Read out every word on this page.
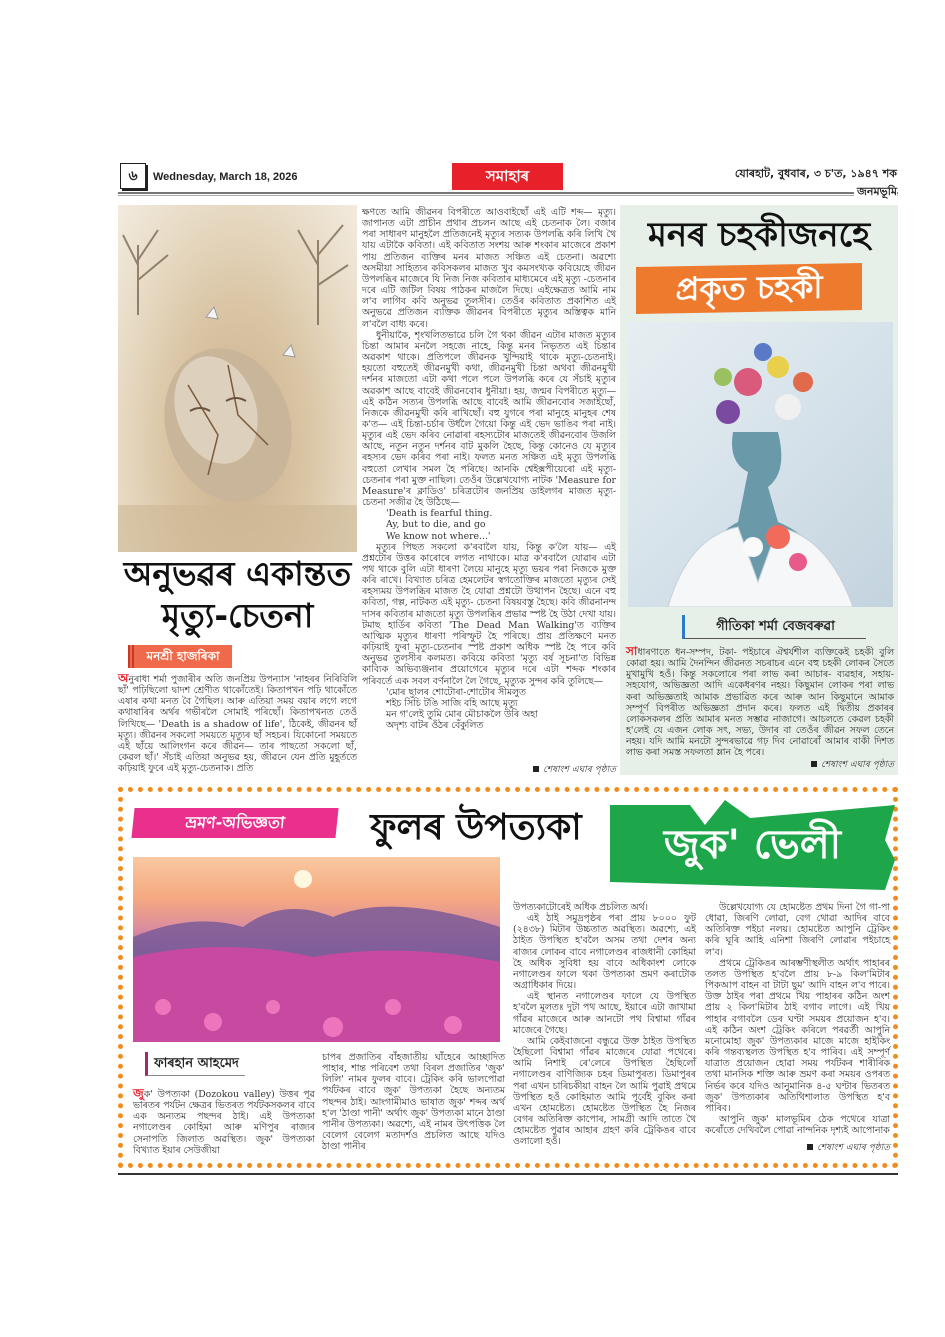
৬	Wednesday, March 18, 2026	সমাহাৰ	যোৰহাট, বুধবাৰ, ৩ চ'ত, ১৯৪৭ শক
জনমভূমি
অনুভৱৰ একান্তত
মৃত্যু-চেতনা
মনশ্ৰী হাজৰিকা

অনুৰাধা শৰ্মা পুজাৰীৰ অতি জনপ্ৰিয় উপন্যাস 'নাহৰৰ নিৰিবিলি ছাঁ' পঢ়িছিলো দ্বাদশ শ্ৰেণীত থাকোঁতেই। কিতাপখন পঢ়ি থাকোঁতে এষাৰ কথা মনত বৈ গৈছিল। আৰু এতিয়া সময় বয়াৰ লগে লগে কথাষাৰিৰ অৰ্থৰ গভীৰলৈ সোমাই পৰিছোঁ। কিতাপখনত তেওঁ লিখিছে— 'Death is a shadow of life', ঠিকেই, জীৱনৰ ছাঁ মৃত্যু। জীৱনৰ সকলো সময়তে মৃত্যুৰ ছাঁ সহচৰ। যিকোনো সময়তে এই ছাঁয়ে আলিংগন কৰে জীৱন— তাৰ পাছতো সকলো ছাঁ, কেৱল ছাঁ।' সঁচাই এতিয়া অনুভৱ হয়, জীৱনে যেন প্ৰতি মুহূৰ্ততে কঢ়িয়াই ফুৰে এই মৃত্যু-চেতনাক। প্ৰতি

ক্ষণতে আমি জীৱনৰ বিপৰীতে আওবাইছোঁ এই এটি শব্দ— মৃত্যু। জাপানত এটা প্ৰাচীন প্ৰথাৰ প্ৰচলন আছে এই চেতনাক লৈ। বজাৰ পৰা সাধাৰণ মানুহলৈ প্ৰতিজনেই মৃত্যুৰ সত্যক উপলব্ধি কৰি লিখি থৈ যায় এটাকৈ কবিতা। এই কবিতাত সংশয় আৰু শংকাৰ মাজেৰে প্ৰকাশ পায় প্ৰতিজন ব্যক্তিৰ মনৰ মাজত সঞ্চিত এই চেতনা। অৱশ্যে অসমীয়া সাহিত্যৰ কবিসকলৰ মাজত খুব কমসংখ্যক কবিয়েহে জীৱন উপলব্ধিৰ মাজেৰে যি নিজ নিজ কবিতাৰ মাধ্যমেৰে এই মৃত্যু -চেতনাৰ দৰে এটি জটিল বিষয় পাঠকৰ মাজলৈ দিছে। এইক্ষেত্ৰত আমি নাম ল'ব লাগিব কবি অনুভৱ তুলসীৰ। তেওঁৰ কবিতাত প্ৰকাশিত এই অনুভৱে প্ৰতিজন ব্যক্তিক জীৱনৰ বিপৰীতে মৃত্যুৰ অস্তিত্বক মানি ল'বলৈ বাধ্য কৰে।

ধুনীয়াকৈ, শৃংখলিতভাৱে চলি গৈ থকা জীৱন এটাৰ মাজত মৃত্যুৰ চিন্তা আমাৰ মনলৈ সহজে নাহে, কিন্তু মনৰ নিভৃতত এই চিন্তাৰ অৱকাশ থাকে। প্ৰতিপলে জীৱনক খুন্দিয়াই থাকে মৃত্যু-চেতনাই। হয়তো বহুতেই জীৱনমুখী কথা, জীৱনমুখী চিন্তা অথবা জীৱনমুখী দৰ্শনৰ মাজতো এটা কথা পলে পলে উপলব্ধি কৰে যে সঁচাই মৃত্যুৰ অৱকাশ আছে বাবেই জীৱনবোৰ ধুনীয়া। হয়, জন্মৰ বিপৰীতে মৃত্যু— এই কঠিন সত্যৰ উপলব্ধি আছে বাবেই আমি জীৱনবোৰ সজাইছোঁ, নিজকে জীৱনমুখী কৰি ৰাখিছোঁ। বহু যুগৰে পৰা মানুহে মানুহৰ শেষ ক'ত— এই চিন্তা-চৰ্চাৰ উৰ্ধলৈ গৈয়ো কিন্তু এই ভেদ ভাঙিব পৰা নাই। মৃত্যুৰ এই ভেদ কৰিব নোৱাৰা ৰহস্যটোৰ মাজতেই জীৱনবোৰ উজলি আছে, নতুন নতুন দৰ্শনৰ বাট মুকলি হৈছে, কিন্তু কোনেও যে মৃত্যুৰ ৰহস্যৰ ভেদ কৰিব পৰা নাই। ফলত মনত সঞ্চিত এই মৃত্যু উপলব্ধি বহুতো লেখাৰ সমল হৈ পৰিছে। আনকি শ্বেইক্সপীয়েৰো এই মৃত্যু-চেতনাৰ পৰা মুক্ত নাছিল। তেওঁৰ উল্লেখযোগ্য নাটক 'Measure for Measure'ৰ ক্লাডিও' চৰিত্ৰটোৰ জনপ্ৰিয় ডাইলগৰ মাজত মৃত্যু-চেতনা সজীৱ হৈ উঠিছে—

'Death is fearful thing.

Ay, but to die, and go

We know not where...'

মৃত্যুৰ পিছত সকলো ক'ৰবালৈ যায়, কিন্তু ক'লৈ যায়— এই প্ৰশ্নটোৰ উত্তৰ কাৰোৰে লগত নাথাকে। মাত্ৰ ক'ৰবালৈ যোৱাৰ এটা পথ থাকে বুলি এটা ধাৰণা লৈয়ে মানুহে মৃত্যু ভয়ৰ পৰা নিজকে মুক্ত কৰি ৰাখে। বিখ্যাত চৰিত্ৰ হেমলেটৰ স্বগতোক্তিৰ মাজতো মৃত্যুৰ সেই ৰহস্যময় উপলব্ধিৰ মাজত হৈ যোৱা প্ৰশ্নটো উত্থাপন হৈছে। এনে বহু কবিতা, গল্প, নাটকত এই মৃত্যু- চেতনা বিষয়বস্তু হৈছে। কবি জীৱনানন্দ দাসৰ কবিতাৰ মাজতো মৃত্যু উপলব্ধিৰ প্ৰভাৱ স্পষ্ট হৈ উঠা দেখা যায়। টমাছ হাৰ্ডিৰ কবিতা 'The Dead Man Walking'ত ব্যক্তিৰ আত্মিক মৃত্যুৰ ধাৰণা পৰিস্ফুট হৈ পৰিছে। প্ৰায় প্ৰতিক্ষণে মনত কঢ়িয়াই ফুৰা মৃত্যু-চেতনাৰ স্পষ্ট প্ৰকাশ অধিক স্পষ্ট হৈ পৰে কবি অনুভৱ তুলসীৰ কলমত। কবিয়ে কবিতা 'মৃত্যু বৰ্ষ সূচনা'ত বিভিন্ন কাব্যিক অভিব্যঞ্জনাৰ প্ৰয়োগেৰে মৃত্যুৰ দৰে এটা শব্দক শংকাৰ পৰিবৰ্তে এক সবল বৰ্ণনালৈ লৈ গৈছে, মৃত্যুক সুন্দৰ কৰি তুলিছে—

'মোৰ ছালৰ শোটোৰা-শোটোৰ সীমলুত

শইচ সিঁচি টঙি সাজি বহি আছে মৃত্যু

মন গ'লেই তুমি মোৰ মৌচাকলৈ উৰি অহা

অদৃশ্য বাটৰ ওঁঠৰ বেঁকুলিত

শেষাংশ এঘাৰ পৃষ্ঠাত
মনৰ চহকীজনহে
প্ৰকৃত চহকী
গীতিকা শৰ্মা বেজবৰুৱা

সাধাৰণাতে ধন-সম্পদ, টকা- পইচাৰে ঐশ্বৰ্যশীল ব্যক্তিকেই চহকী বুলি কোৱা হয়। আমি দৈনন্দিন জীৱনত সচৰাচৰ এনে বহু চহকী লোকৰ সৈতে মুখামুখি হওঁ। কিন্তু সকলোৰে পৰা লাভ কৰা আচাৰ- ব্যৱহাৰ, সহায়-সহযোগ, অভিজ্ঞতা আদি একেধৰণৰ নহয়। কিছুমান লোকৰ পৰা লাভ কৰা অভিজ্ঞতাই আমাক প্ৰভাৱিত কৰে আৰু আন কিছুমানে আমাক সম্পূৰ্ণ বিপৰীত অভিজ্ঞতা প্ৰদান কৰে। ফলত এই দ্বিতীয় প্ৰকাৰৰ লোকসকলৰ প্ৰতি আমাৰ মনত সম্ভাৱ নাজাগে। আচলতে কেৱল চহকী হ'লেই যে এজন লোক সৎ, সভ্য, উদাৰ বা তেওঁৰ জীৱন সফল তেনে নহয়। যদি আমি মনটো সুন্দৰভাৱে গঢ় দিব নোৱাৰোঁ আমাৰ বাকী দিশত লাভ কৰা সমস্ত সফলতা ম্লান হৈ পৰে।

শেষাংশ এঘাৰ পৃষ্ঠাত
ভ্ৰমণ-অভিজ্ঞতা	ফুলৰ উপত্যকা	জুক' ভেলী
ফাৰহান আহমেদ

জুক' উপত্যকা (Dozokou valley) উত্তৰ পূৱ ভাৰতৰ পৰ্যটন ক্ষেত্ৰৰ ভিতৰত পৰ্যটকসকলৰ বাবে এক অন্যতম পছন্দৰ ঠাই। এই উপত্যকা নগালেণ্ডৰ কোহিমা আৰু মণিপুৰ ৰাজ্যৰ সেনাপতি জিলাত অৱস্থিত। জুক' উপত্যকা বিখ্যাত ইয়াৰ সেউজীয়া

চাপৰ প্ৰজাতিৰ বাঁহজাতীয় ঘাঁহেৰে আচ্ছাদিত পাহাৰ, শান্ত পৰিবেশ তথা বিৰল প্ৰজাতিৰ 'জুক' লিলি' নামৰ ফুলৰ বাবে। ট্ৰেকিং কৰি ভালপোৱা পৰ্যটকৰ বাবে জুক' উপত্যকা হৈছে অন্যতম পছন্দৰ ঠাই। আংগামীমাও ভাষাত জুক' শব্দৰ অৰ্থ হ'ল 'ঠাণ্ডা পানী' অৰ্থাৎ জুক' উপত্যকা মানে ঠাণ্ডা পানীৰ উপত্যকা। অৱশ্যে, এই নামৰ উৎপত্তিক লৈ বেলেগ বেলেগ মতাদৰ্শও প্ৰচলিত আছে যদিও ঠাণ্ডা পানীৰ

উপত্যকাটোৰেই অধিক প্ৰচলিত অৰ্থ।

এই ঠাই সমুদ্ৰপৃষ্ঠৰ পৰা প্ৰায় ৮০০০ ফুট (২৪৩৮) মিটাৰ উচ্চতাত অৱস্থিত। অৱশ্যে, এই ঠাইত উপস্থিত হ'বলৈ অসম তথা দেশৰ অন্য ৰাজ্যৰ লোকৰ বাবে নগালেণ্ডৰ ৰাজধানী কোহিমা হৈ অধিক সুবিধা হয় বাবে অধিকাংশ লোকে নগালেণ্ডৰ ফালে থকা উপত্যকা ভ্ৰমণ কৰাটোক অগ্ৰাধিকাৰ দিয়ে।

এই স্থানত নগালেণ্ডৰ ফালে যে উপস্থিত হ'বলৈ মূলতঃ দুটা পথ আছে, ইয়াৰে এটা জাখামা গাঁৱৰ মাজেৰে আৰু আনটো পথ বিশ্বামা গাঁৱৰ মাজেৰে গৈছে।

আমি কেইবাজনো বন্ধুৱে উক্ত ঠাইত উপস্থিত হৈছিলো বিশ্বামা গাঁৱৰ মাজেৰে যোৱা পথেৰে। আমি নিশাই ৰে'লেৰে উপস্থিত হৈছিলোঁ নগালেণ্ডৰ বাণিজ্যিক চহৰ ডিমাপুৰত। ডিমাপুৰৰ পৰা এখন চাৰিচকীয়া বাহন লৈ আমি পুৱাই প্ৰথমে উপস্থিত হওঁ কোহিমাত আমি পূৰ্বেই বুকিং কৰা এখন হোমষ্টেত। হোমষ্টেত উপস্থিত হৈ নিজৰ বেগৰ অতিৰিক্ত কাপোৰ, সামগ্ৰী আদি তাতে থৈ হোমষ্টেত পুৱাৰ আহাৰ গ্ৰহণ কৰি ট্ৰেকিঙৰ বাবে ওলালো হওঁ।

উল্লেখযোগ্য যে হোমষ্টেত প্ৰথম দিনা গৈ গা-পা ধোৱা, জিৰণি লোৱা, বেগ থোৱা আদিৰ বাবে অতিৰিক্ত পইচা নলয়। হোমষ্টেত আপুনি ট্ৰেকিং কৰি ঘূৰি আহি এনিশা জিৰণি লোৱাৰ পইচাহে ল'ব।

প্ৰথমে ট্ৰেকিঙৰ আৰম্ভণীস্থলীত অৰ্থাৎ পাহাৰৰ তলত উপস্থিত হ'বলৈ প্ৰায় ৮-৯ কিল'মিটাৰ পিকআপ বাহন বা টাটা ছুম' আদি বাহন ল'ব পাৰে। উক্ত ঠাইৰ পৰা প্ৰথমে খিয় পাহাৰৰ কঠিন অংশ প্ৰায় ২ কিল'মিটাৰ ঠাই বগাব লাগে। এই খিয় পাহাৰ বগাবলৈ ডেৰ ঘণ্টা সময়ৰ প্ৰয়োজন হ'ব। এই কঠিন অংশ ট্ৰেকিং কৰিলে পৰৱৰ্তী আপুনি মনোমোহা জুক' উপত্যকাৰ মাজে মাজে হাইকিং কৰি গন্তব্যস্থলত উপস্থিত হ'ব পাৰিব। এই সম্পূৰ্ণ যাত্ৰাত প্ৰয়োজন হোৱা সময় পৰ্যটকৰ শাৰীৰিক তথা মানসিক শক্তি আৰু ভ্ৰমণ কৰা সময়ৰ ওপৰত নিৰ্ভৰ কৰে যদিও আনুমানিক ৪-৫ ঘণ্টাৰ ভিতৰত জুক' উপত্যকাৰ অতিথিশালাত উপস্থিত হ'ব পাৰিব।

আপুনি জুক' মালভূমিৰ ঠেক পথেৰে যাত্ৰা কৰোঁতে দেখিবলৈ পোৱা নান্দনিক দৃশ্যই আপোনাক

শেষাংশ এঘাৰ পৃষ্ঠাত
